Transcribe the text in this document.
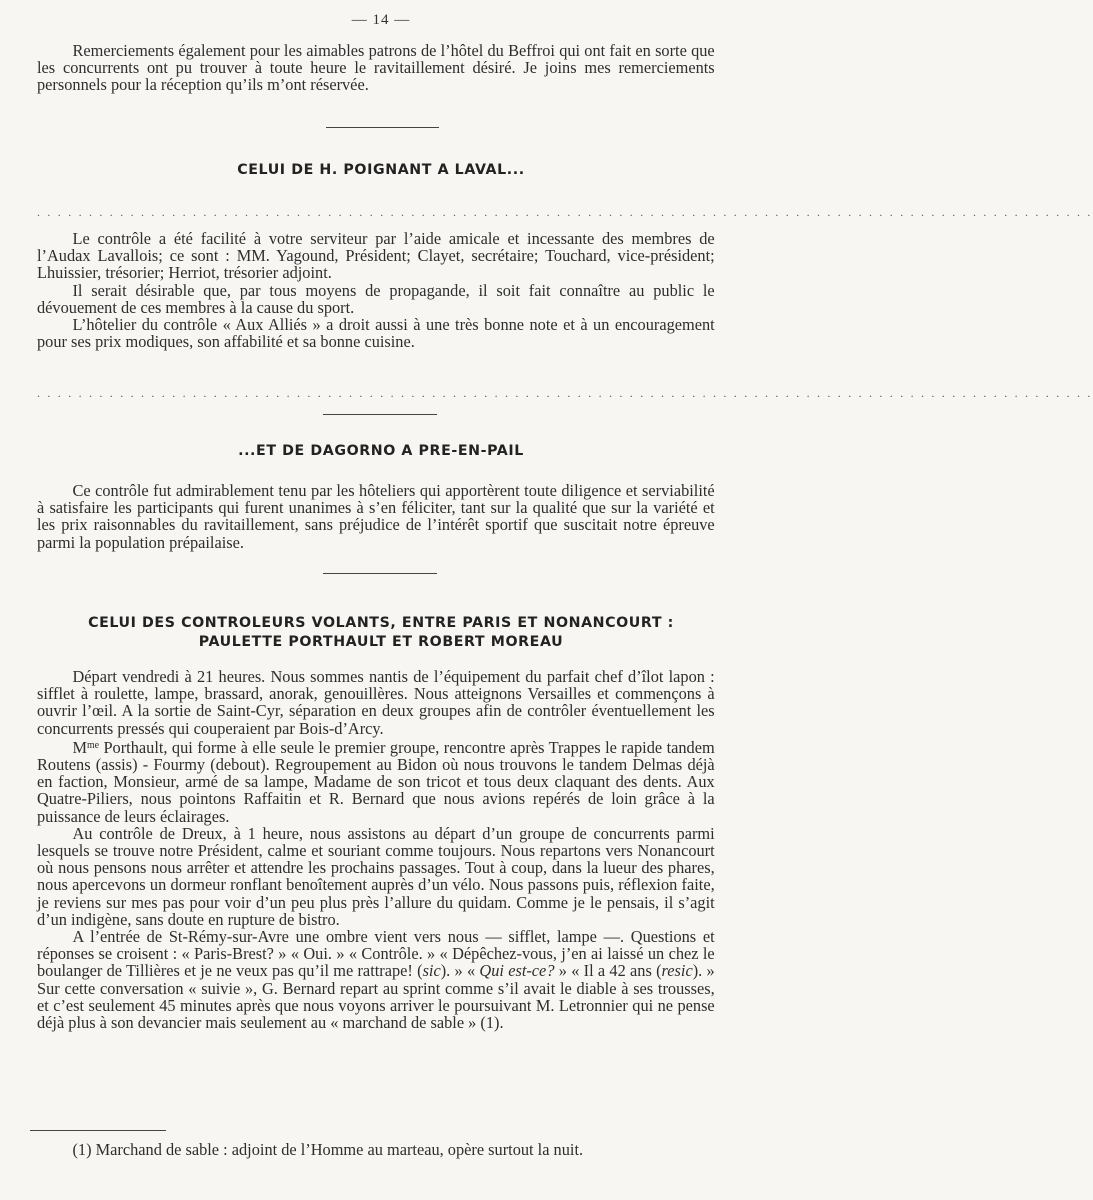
— 14 —

Remerciements également pour les aimables patrons de l’hôtel du Beffroi qui ont fait en sorte que les concurrents ont pu trouver à toute heure le ravitaillement désiré. Je joins mes remerciements personnels pour la réception qu’ils m’ont réservée.

CELUI DE H. POIGNANT A LAVAL...
. . . . . . . . . . . . . . . . . . . . . . . . . . . . . . . . . . . . . . . . . . . . . . . . . . . . . . . . . . . . . . . . . . . . . . . . . . . . . . . . . . . . . . . . . . . . . . . . . . . . . .

Le contrôle a été facilité à votre serviteur par l’aide amicale et incessante des membres de l’Audax Lavallois; ce sont : MM. Yagound, Président; Clayet, secrétaire; Touchard, vice-président; Lhuissier, trésorier; Herriot, trésorier adjoint.

Il serait désirable que, par tous moyens de propagande, il soit fait connaître au public le dévouement de ces membres à la cause du sport.

L’hôtelier du contrôle « Aux Alliés » a droit aussi à une très bonne note et à un encouragement pour ses prix modiques, son affabilité et sa bonne cuisine.

. . . . . . . . . . . . . . . . . . . . . . . . . . . . . . . . . . . . . . . . . . . . . . . . . . . . . . . . . . . . . . . . . . . . . . . . . . . . . . . . . . . . . . . . . . . . . . . . . . . . . .
...ET DE DAGORNO A PRE-EN-PAIL

Ce contrôle fut admirablement tenu par les hôteliers qui apportèrent toute diligence et serviabilité à satisfaire les participants qui furent unanimes à s’en féliciter, tant sur la qualité que sur la variété et les prix raisonnables du ravitaillement, sans préjudice de l’intérêt sportif que suscitait notre épreuve parmi la population prépailaise.

CELUI DES CONTROLEURS VOLANTS, ENTRE PARIS ET NONANCOURT :
PAULETTE PORTHAULT ET ROBERT MOREAU

Départ vendredi à 21 heures. Nous sommes nantis de l’équipement du parfait chef d’îlot lapon : sifflet à roulette, lampe, brassard, anorak, genouillères. Nous atteignons Versailles et commençons à ouvrir l’œil. A la sortie de Saint-Cyr, séparation en deux groupes afin de contrôler éventuellement les concurrents pressés qui couperaient par Bois-d’Arcy.

$M^{me}$ Porthault, qui forme à elle seule le premier groupe, rencontre après Trappes le rapide tandem Routens (assis) - Fourmy (debout). Regroupement au Bidon où nous trouvons le tandem Delmas déjà en faction, Monsieur, armé de sa lampe, Madame de son tricot et tous deux claquant des dents. Aux Quatre-Piliers, nous pointons Raffaitin et R. Bernard que nous avions repérés de loin grâce à la puissance de leurs éclairages.

Au contrôle de Dreux, à 1 heure, nous assistons au départ d’un groupe de concurrents parmi lesquels se trouve notre Président, calme et souriant comme toujours. Nous repartons vers Nonancourt où nous pensons nous arrêter et attendre les prochains passages. Tout à coup, dans la lueur des phares, nous apercevons un dormeur ronflant benoîtement auprès d’un vélo. Nous passons puis, réflexion faite, je reviens sur mes pas pour voir d’un peu plus près l’allure du quidam. Comme je le pensais, il s’agit d’un indigène, sans doute en rupture de bistro.

A l’entrée de St-Rémy-sur-Avre une ombre vient vers nous — sifflet, lampe —. Questions et réponses se croisent : « Paris-Brest? » « Oui. » « Contrôle. » « Dépêchez-vous, j’en ai laissé un chez le boulanger de Tillières et je ne veux pas qu’il me rattrape! (sic). » « Qui est-ce? » « Il a 42 ans (resic). » Sur cette conversation « suivie », G. Bernard repart au sprint comme s’il avait le diable à ses trousses, et c’est seulement 45 minutes après que nous voyons arriver le poursuivant M. Letronnier qui ne pense déjà plus à son devancier mais seulement au « marchand de sable » (1).

(1) Marchand de sable : adjoint de l’Homme au marteau, opère surtout la nuit.
